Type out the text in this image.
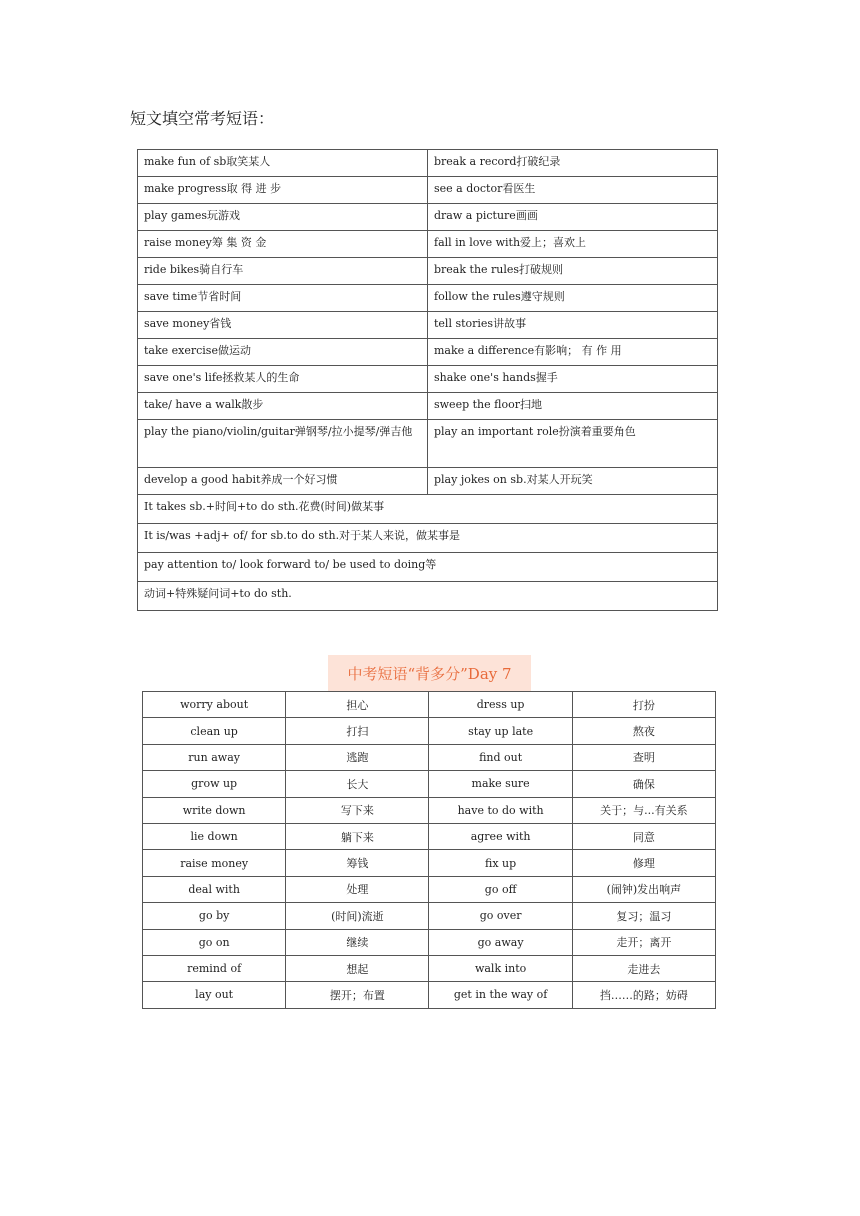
短文填空常考短语：
make fun of sb取笑某人	break a record打破纪录
make progress取 得 进 步	see a doctor看医生
play games玩游戏	draw a picture画画
raise money筹 集 资 金	fall in love with爱上；喜欢上
ride bikes骑自行车	break the rules打破规则
save time节省时间	follow the rules遵守规则
save money省钱	tell stories讲故事
take exercise做运动	make a difference有影响； 有 作 用
save one's life拯救某人的生命	shake one's hands握手
take/ have a walk散步	sweep the floor扫地
play the piano/violin/guitar弹钢琴/拉小提琴/弹吉他	play an important role扮演着重要角色
develop a good habit养成一个好习惯	play jokes on sb.对某人开玩笑
It takes sb.+时间+to do sth.花费(时间)做某事	
It is/was +adj+ of/ for sb.to do sth.对于某人来说，做某事是	
pay attention to/ look forward to/ be used to doing等	
动词+特殊疑问词+to do sth.	
中考短语“背多分”Day 7
worry about	担心	dress up	打扮
clean up	打扫	stay up late	熬夜
run away	逃跑	find out	查明
grow up	长大	make sure	确保
write down	写下来	have to do with	关于；与...有关系
lie down	躺下来	agree with	同意
raise money	筹钱	fix up	修理
deal with	处理	go off	(闹钟)发出响声
go by	(时间)流逝	go over	复习；温习
go on	继续	go away	走开；离开
remind of	想起	walk into	走进去
lay out	摆开；布置	get in the way of	挡……的路；妨碍
